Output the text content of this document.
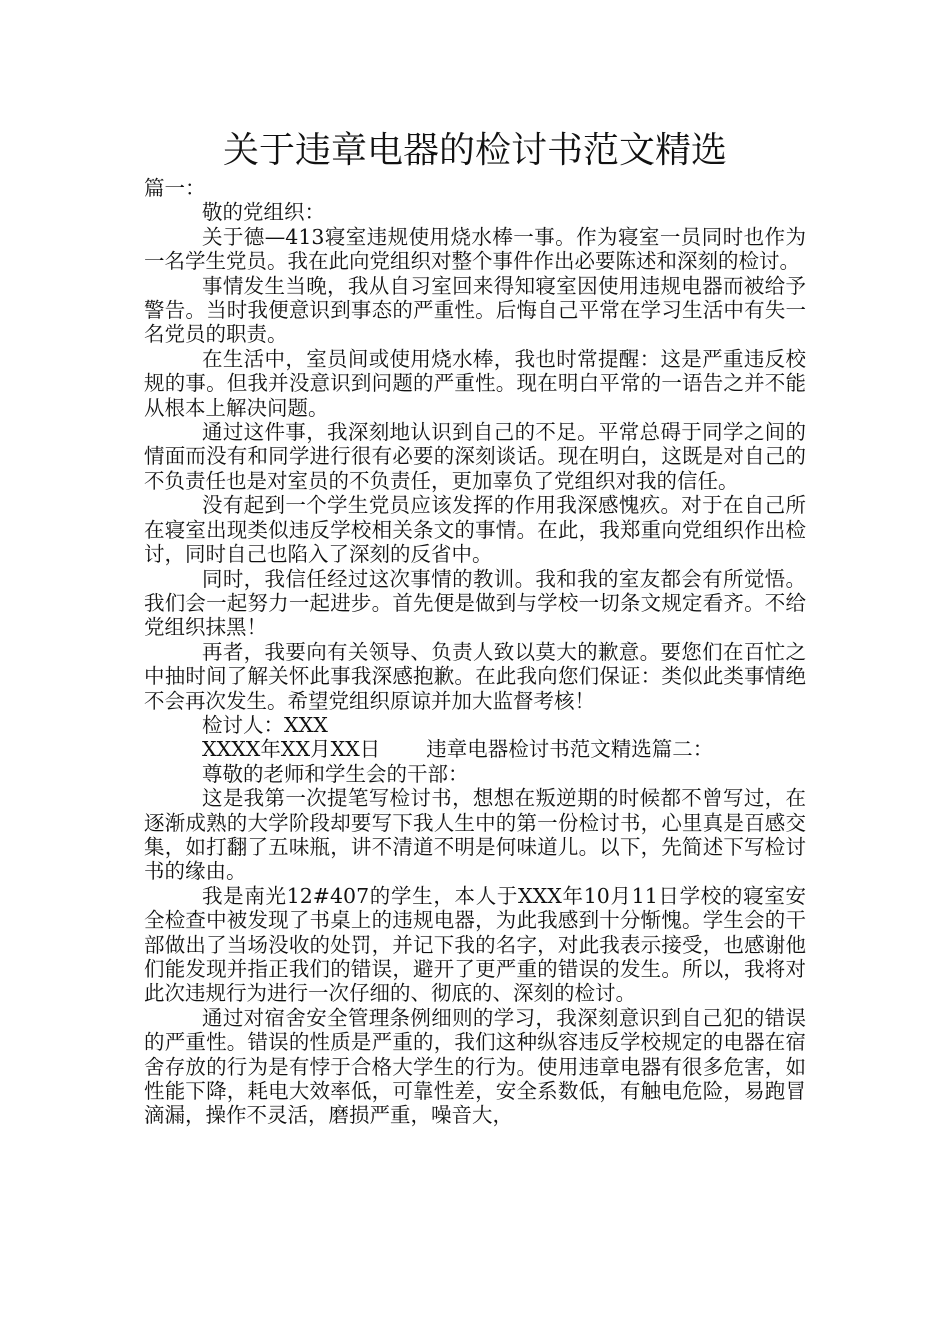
关于违章电器的检讨书范文精选

篇一：

敬的党组织：

关于德—413寝室违规使用烧水棒一事。作为寝室一员同时也作为一名学生党员。我在此向党组织对整个事件作出必要陈述和深刻的检讨。

事情发生当晚，我从自习室回来得知寝室因使用违规电器而被给予警告。当时我便意识到事态的严重性。后悔自己平常在学习生活中有失一名党员的职责。

在生活中，室员间或使用烧水棒，我也时常提醒：这是严重违反校规的事。但我并没意识到问题的严重性。现在明白平常的一语告之并不能从根本上解决问题。

通过这件事，我深刻地认识到自己的不足。平常总碍于同学之间的情面而没有和同学进行很有必要的深刻谈话。现在明白，这既是对自己的不负责任也是对室员的不负责任，更加辜负了党组织对我的信任。

没有起到一个学生党员应该发挥的作用我深感愧疚。对于在自己所在寝室出现类似违反学校相关条文的事情。在此，我郑重向党组织作出检讨，同时自己也陷入了深刻的反省中。

同时，我信任经过这次事情的教训。我和我的室友都会有所觉悟。我们会一起努力一起进步。首先便是做到与学校一切条文规定看齐。不给党组织抹黑！

再者，我要向有关领导、负责人致以莫大的歉意。要您们在百忙之中抽时间了解关怀此事我深感抱歉。在此我向您们保证：类似此类事情绝不会再次发生。希望党组织原谅并加大监督考核！

检讨人：XXX

XXXX年XX月XX日 违章电器检讨书范文精选篇二：

尊敬的老师和学生会的干部：

这是我第一次提笔写检讨书，想想在叛逆期的时候都不曾写过，在逐渐成熟的大学阶段却要写下我人生中的第一份检讨书，心里真是百感交集，如打翻了五味瓶，讲不清道不明是何味道儿。以下，先简述下写检讨书的缘由。

我是南光12#407的学生，本人于XXX年10月11日学校的寝室安全检查中被发现了书桌上的违规电器，为此我感到十分惭愧。学生会的干部做出了当场没收的处罚，并记下我的名字，对此我表示接受，也感谢他们能发现并指正我们的错误，避开了更严重的错误的发生。所以，我将对此次违规行为进行一次仔细的、彻底的、深刻的检讨。

通过对宿舍安全管理条例细则的学习，我深刻意识到自己犯的错误的严重性。错误的性质是严重的，我们这种纵容违反学校规定的电器在宿舍存放的行为是有悖于合格大学生的行为。使用违章电器有很多危害，如性能下降，耗电大效率低，可靠性差，安全系数低，有触电危险，易跑冒滴漏，操作不灵活，磨损严重，噪音大，
